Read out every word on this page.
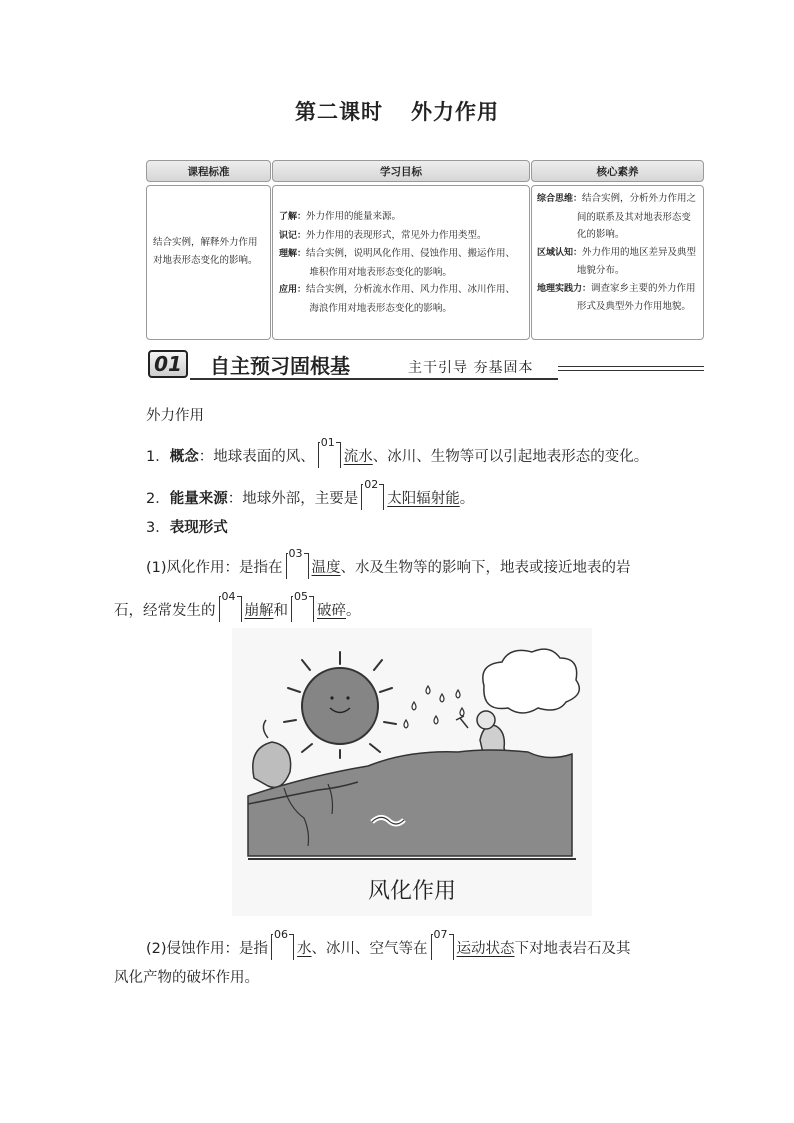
第二课时 外力作用
课程标准
结合实例，解释外力作用对地表形态变化的影响。
学习目标
了解：外力作用的能量来源。
识记：外力作用的表现形式，常见外力作用类型。
理解：结合实例，说明风化作用、侵蚀作用、搬运作用、堆积作用对地表形态变化的影响。
应用：结合实例，分析流水作用、风力作用、冰川作用、海浪作用对地表形态变化的影响。
核心素养
综合思维：结合实例，分析外力作用之间的联系及其对地表形态变化的影响。
区域认知：外力作用的地区差异及典型地貌分布。
地理实践力：调查家乡主要的外力作用形式及典型外力作用地貌。
01	自主预习固根基	主干引导 夯基固本
外力作用
1．概念：地球表面的风、
01
流水、冰川、生物等可以引起地表形态的变化。
2．能量来源：地球外部，主要是
02
太阳辐射能。
3．表现形式
(1)风化作用：是指在
03
温度、水及生物等的影响下，地表或接近地表的岩
石，经常发生的
04
崩解和
05
破碎。
风化作用
(2)侵蚀作用：是指
06
水、冰川、空气等在
07
运动状态下对地表岩石及其
风化产物的破坏作用。
